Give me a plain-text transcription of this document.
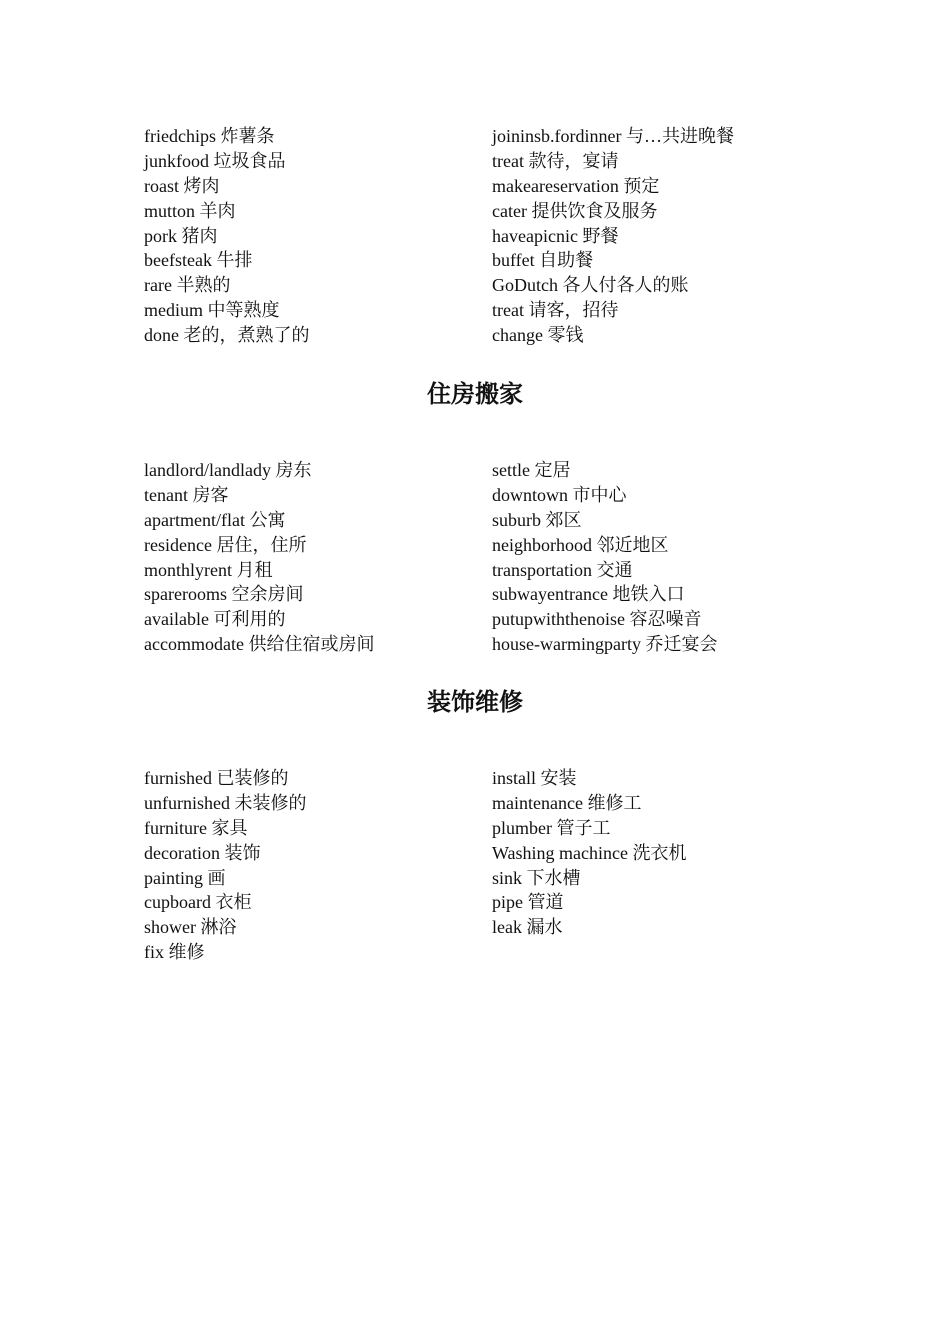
friedchips 炸薯条
junkfood 垃圾食品
roast 烤肉
mutton 羊肉
pork 猪肉
beefsteak 牛排
rare 半熟的
medium 中等熟度
done 老的，煮熟了的
joininsb.fordinner 与…共进晚餐
treat 款待，宴请
makeareservation 预定
cater 提供饮食及服务
haveapicnic 野餐
buffet 自助餐
GoDutch 各人付各人的账
treat 请客，招待
change 零钱
住房搬家
landlord/landlady 房东
tenant 房客
apartment/flat 公寓
residence 居住，住所
monthlyrent 月租
sparerooms 空余房间
available 可利用的
accommodate 供给住宿或房间
settle 定居
downtown 市中心
suburb 郊区
neighborhood 邻近地区
transportation 交通
subwayentrance 地铁入口
putupwiththenoise 容忍噪音
house-warmingparty 乔迁宴会
装饰维修
furnished 已装修的
unfurnished 未装修的
furniture 家具
decoration 装饰
painting 画
cupboard 衣柜
shower 淋浴
fix 维修
install 安装
maintenance 维修工
plumber 管子工
Washing machince 洗衣机
sink 下水槽
pipe 管道
leak 漏水
